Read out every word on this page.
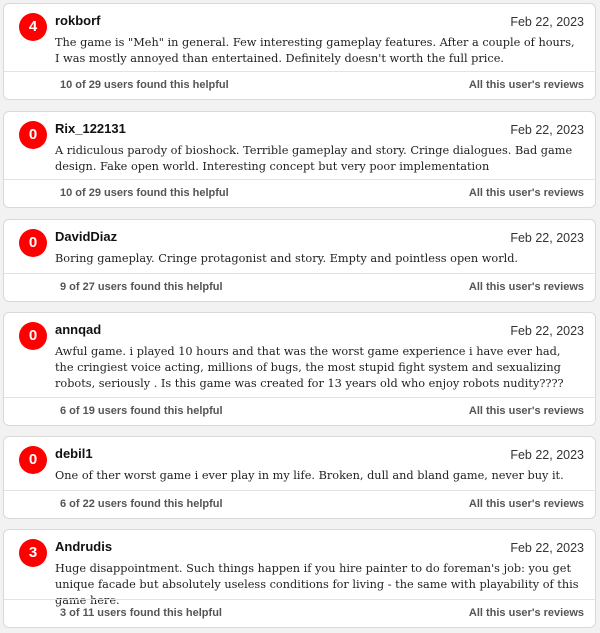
4	rokborf	Feb 22, 2023
The game is "Meh" in general. Few interesting gameplay features. After a couple of hours, I was mostly annoyed than entertained. Definitely doesn't worth the full price.
10 of 29 users found this helpful	All this user's reviews
0	Rix_122131	Feb 22, 2023
A ridiculous parody of bioshock. Terrible gameplay and story. Cringe dialogues. Bad game design. Fake open world. Interesting concept but very poor implementation
10 of 29 users found this helpful	All this user's reviews
0	DavidDiaz	Feb 22, 2023
Boring gameplay. Cringe protagonist and story. Empty and pointless open world.
9 of 27 users found this helpful	All this user's reviews
0	annqad	Feb 22, 2023
Awful game. i played 10 hours and that was the worst game experience i have ever had, the cringiest voice acting, millions of bugs, the most stupid fight system and sexualizing robots, seriously . Is this game was created for 13 years old who enjoy robots nudity????
6 of 19 users found this helpful	All this user's reviews
0	debil1	Feb 22, 2023
One of ther worst game i ever play in my life. Broken, dull and bland game, never buy it.
6 of 22 users found this helpful	All this user's reviews
3	Andrudis	Feb 22, 2023
Huge disappointment. Such things happen if you hire painter to do foreman's job: you get unique facade but absolutely useless conditions for living - the same with playability of this game here.
3 of 11 users found this helpful	All this user's reviews
